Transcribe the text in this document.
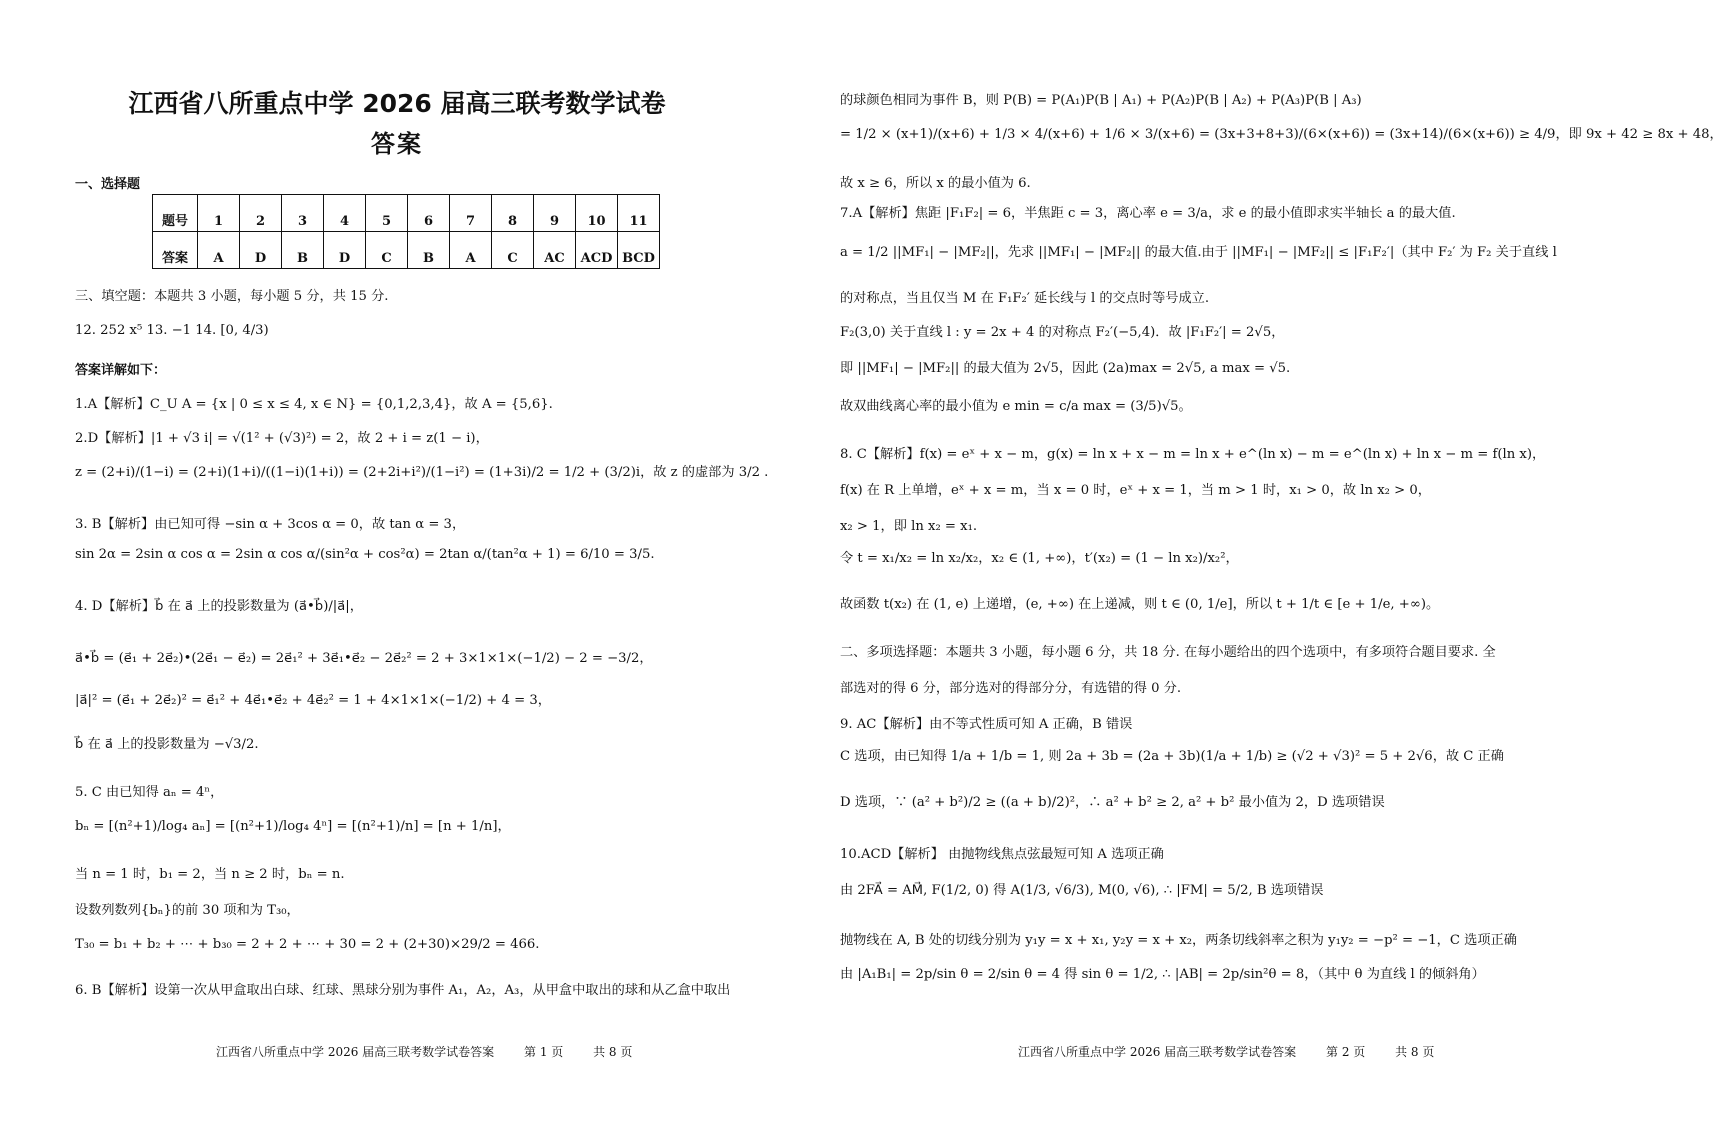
江西省八所重点中学 2026 届高三联考数学试卷
答案
一、选择题
题号	1	2	3	4	5	6	7	8	9	10	11
答案	A	D	B	D	C	B	A	C	AC	ACD	BCD
三、填空题：本题共 3 小题，每小题 5 分，共 15 分.
12. 252 x⁵ 13. −1 14. [0, 4/3)
答案详解如下：
1.A【解析】C_U A = {x | 0 ≤ x ≤ 4, x ∈ N} = {0,1,2,3,4}，故 A = {5,6}.
2.D【解析】|1 + √3 i| = √(1² + (√3)²) = 2，故 2 + i = z(1 − i)，
z = (2+i)/(1−i) = (2+i)(1+i)/((1−i)(1+i)) = (2+2i+i²)/(1−i²) = (1+3i)/2 = 1/2 + (3/2)i，故 z 的虚部为 3/2 .
3. B【解析】由已知可得 −sin α + 3cos α = 0，故 tan α = 3，
sin 2α = 2sin α cos α = 2sin α cos α/(sin²α + cos²α) = 2tan α/(tan²α + 1) = 6/10 = 3/5.
4. D【解析】b⃗ 在 a⃗ 上的投影数量为 (a⃗•b⃗)/|a⃗|，
a⃗•b⃗ = (e⃗₁ + 2e⃗₂)•(2e⃗₁ − e⃗₂) = 2e⃗₁² + 3e⃗₁•e⃗₂ − 2e⃗₂² = 2 + 3×1×1×(−1/2) − 2 = −3/2，
|a⃗|² = (e⃗₁ + 2e⃗₂)² = e⃗₁² + 4e⃗₁•e⃗₂ + 4e⃗₂² = 1 + 4×1×1×(−1/2) + 4 = 3，
b⃗ 在 a⃗ 上的投影数量为 −√3/2.
5. C 由已知得 aₙ = 4ⁿ，
bₙ = [(n²+1)/log₄ aₙ] = [(n²+1)/log₄ 4ⁿ] = [(n²+1)/n] = [n + 1/n]，
当 n = 1 时，b₁ = 2，当 n ≥ 2 时，bₙ = n.
设数列数列{bₙ}的前 30 项和为 T₃₀，
T₃₀ = b₁ + b₂ + ⋯ + b₃₀ = 2 + 2 + ⋯ + 30 = 2 + (2+30)×29/2 = 466.
6. B【解析】设第一次从甲盒取出白球、红球、黑球分别为事件 A₁，A₂，A₃，从甲盒中取出的球和从乙盒中取出
江西省八所重点中学 2026 届高三联考数学试卷答案 第 1 页 共 8 页
的球颜色相同为事件 B，则 P(B) = P(A₁)P(B | A₁) + P(A₂)P(B | A₂) + P(A₃)P(B | A₃)
= 1/2 × (x+1)/(x+6) + 1/3 × 4/(x+6) + 1/6 × 3/(x+6) = (3x+3+8+3)/(6×(x+6)) = (3x+14)/(6×(x+6)) ≥ 4/9，即 9x + 42 ≥ 8x + 48，
故 x ≥ 6，所以 x 的最小值为 6.
7.A【解析】焦距 |F₁F₂| = 6，半焦距 c = 3，离心率 e = 3/a，求 e 的最小值即求实半轴长 a 的最大值.
a = 1/2 ||MF₁| − |MF₂||，先求 ||MF₁| − |MF₂|| 的最大值.由于 ||MF₁| − |MF₂|| ≤ |F₁F₂′|（其中 F₂′ 为 F₂ 关于直线 l
的对称点，当且仅当 M 在 F₁F₂′ 延长线与 l 的交点时等号成立.
F₂(3,0) 关于直线 l : y = 2x + 4 的对称点 F₂′(−5,4)．故 |F₁F₂′| = 2√5，
即 ||MF₁| − |MF₂|| 的最大值为 2√5，因此 (2a)max = 2√5, a max = √5.
故双曲线离心率的最小值为 e min = c/a max = (3/5)√5。
8. C【解析】f(x) = eˣ + x − m，g(x) = ln x + x − m = ln x + e^(ln x) − m = e^(ln x) + ln x − m = f(ln x)，
f(x) 在 R 上单增，eˣ + x = m，当 x = 0 时，eˣ + x = 1，当 m > 1 时，x₁ > 0，故 ln x₂ > 0，
x₂ > 1，即 ln x₂ = x₁.
令 t = x₁/x₂ = ln x₂/x₂，x₂ ∈ (1, +∞)，t′(x₂) = (1 − ln x₂)/x₂²，
故函数 t(x₂) 在 (1, e) 上递增，(e, +∞) 在上递减，则 t ∈ (0, 1/e]，所以 t + 1/t ∈ [e + 1/e, +∞)。
二、多项选择题：本题共 3 小题，每小题 6 分，共 18 分. 在每小题给出的四个选项中，有多项符合题目要求. 全
部选对的得 6 分，部分选对的得部分分，有选错的得 0 分.
9. AC【解析】由不等式性质可知 A 正确，B 错误
C 选项，由已知得 1/a + 1/b = 1, 则 2a + 3b = (2a + 3b)(1/a + 1/b) ≥ (√2 + √3)² = 5 + 2√6，故 C 正确
D 选项，∵ (a² + b²)/2 ≥ ((a + b)/2)²，∴ a² + b² ≥ 2, a² + b² 最小值为 2，D 选项错误
10.ACD【解析】 由抛物线焦点弦最短可知 A 选项正确
由 2FA⃗ = AM⃗, F(1/2, 0) 得 A(1/3, √6/3), M(0, √6), ∴ |FM| = 5/2, B 选项错误
抛物线在 A, B 处的切线分别为 y₁y = x + x₁, y₂y = x + x₂，两条切线斜率之积为 y₁y₂ = −p² = −1，C 选项正确
由 |A₁B₁| = 2p/sin θ = 2/sin θ = 4 得 sin θ = 1/2, ∴ |AB| = 2p/sin²θ = 8，（其中 θ 为直线 l 的倾斜角）
江西省八所重点中学 2026 届高三联考数学试卷答案 第 2 页 共 8 页
